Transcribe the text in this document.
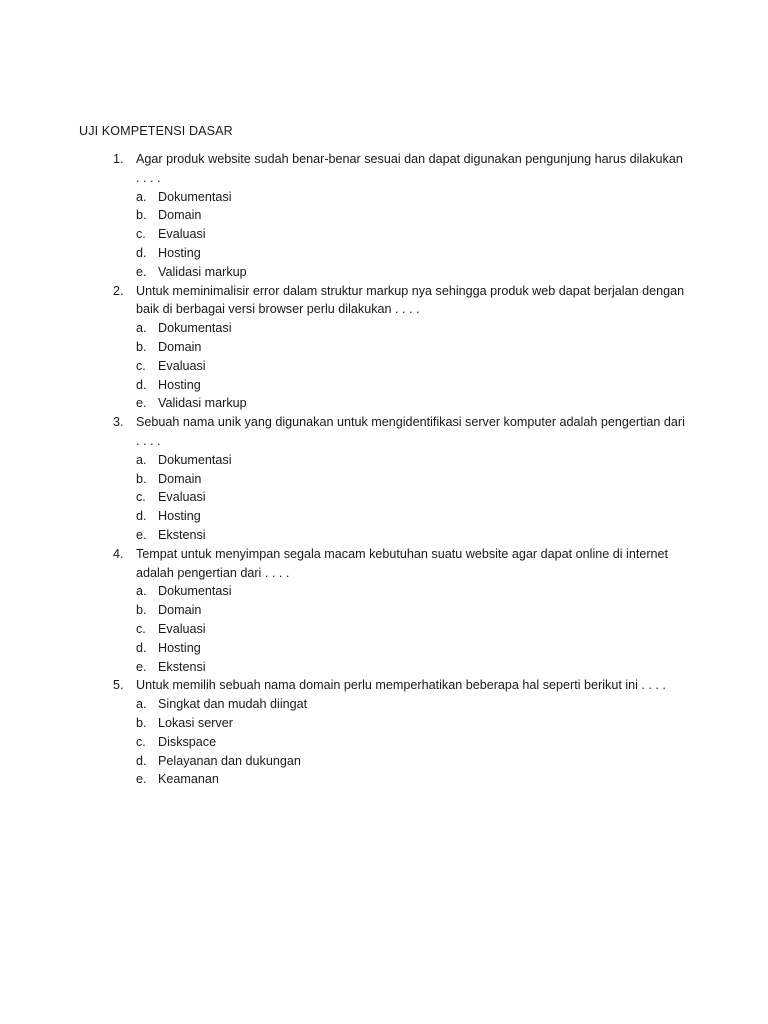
UJI KOMPETENSI DASAR
1. Agar produk website sudah benar-benar sesuai dan dapat digunakan pengunjung harus dilakukan . . . .
a. Dokumentasi
b. Domain
c. Evaluasi
d. Hosting
e. Validasi markup
2. Untuk meminimalisir error dalam struktur markup nya sehingga produk web dapat berjalan dengan baik di berbagai versi browser perlu dilakukan . . . .
a. Dokumentasi
b. Domain
c. Evaluasi
d. Hosting
e. Validasi markup
3. Sebuah nama unik yang digunakan untuk mengidentifikasi server komputer adalah pengertian dari . . . .
a. Dokumentasi
b. Domain
c. Evaluasi
d. Hosting
e. Ekstensi
4. Tempat untuk menyimpan segala macam kebutuhan suatu website agar dapat online di internet adalah pengertian dari . . . .
a. Dokumentasi
b. Domain
c. Evaluasi
d. Hosting
e. Ekstensi
5. Untuk memilih sebuah nama domain perlu memperhatikan beberapa hal seperti berikut ini . . . .
a. Singkat dan mudah diingat
b. Lokasi server
c. Diskspace
d. Pelayanan dan dukungan
e. Keamanan
